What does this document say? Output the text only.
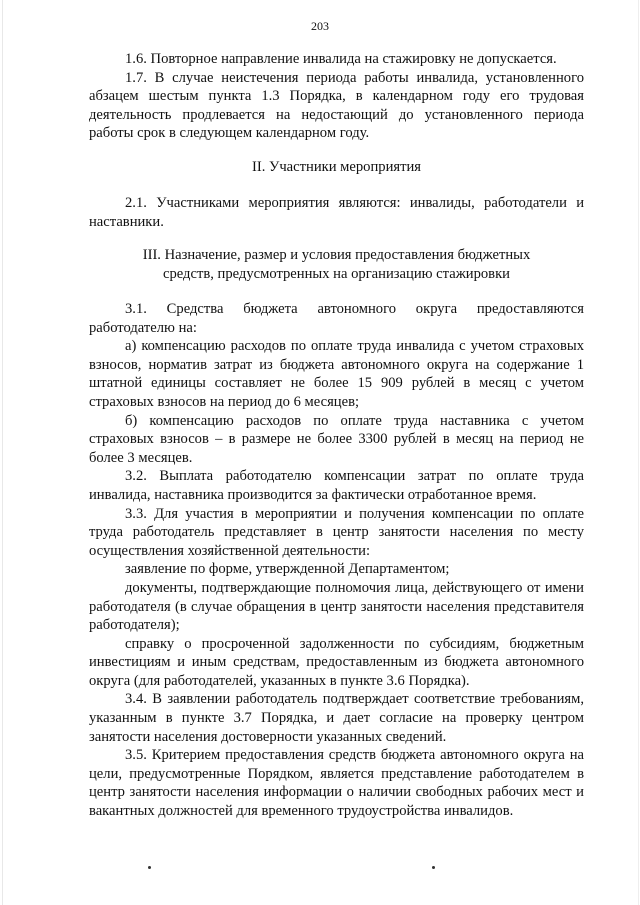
203

1.6. Повторное направление инвалида на стажировку не допускается.

1.7. В случае неистечения периода работы инвалида, установленного абзацем шестым пункта 1.3 Порядка, в календарном году его трудовая деятельность продлевается на недостающий до установленного периода работы срок в следующем календарном году.

II. Участники мероприятия

2.1. Участниками мероприятия являются: инвалиды, работодатели и наставники.

III. Назначение, размер и условия предоставления бюджетных

средств, предусмотренных на организацию стажировки

3.1. Средства бюджета автономного округа предоставляются работодателю на:

а) компенсацию расходов по оплате труда инвалида с учетом страховых взносов, норматив затрат из бюджета автономного округа на содержание 1 штатной единицы составляет не более 15 909 рублей в месяц с учетом страховых взносов на период до 6 месяцев;

б) компенсацию расходов по оплате труда наставника с учетом страховых взносов – в размере не более 3300 рублей в месяц на период не более 3 месяцев.

3.2. Выплата работодателю компенсации затрат по оплате труда инвалида, наставника производится за фактически отработанное время.

3.3. Для участия в мероприятии и получения компенсации по оплате труда работодатель представляет в центр занятости населения по месту осуществления хозяйственной деятельности:

заявление по форме, утвержденной Департаментом;

документы, подтверждающие полномочия лица, действующего от имени работодателя (в случае обращения в центр занятости населения представителя работодателя);

справку о просроченной задолженности по субсидиям, бюджетным инвестициям и иным средствам, предоставленным из бюджета автономного округа (для работодателей, указанных в пункте 3.6 Порядка).

3.4. В заявлении работодатель подтверждает соответствие требованиям, указанным в пункте 3.7 Порядка, и дает согласие на проверку центром занятости населения достоверности указанных сведений.

3.5. Критерием предоставления средств бюджета автономного округа на цели, предусмотренные Порядком, является представление работодателем в центр занятости населения информации о наличии свободных рабочих мест и вакантных должностей для временного трудоустройства инвалидов.
